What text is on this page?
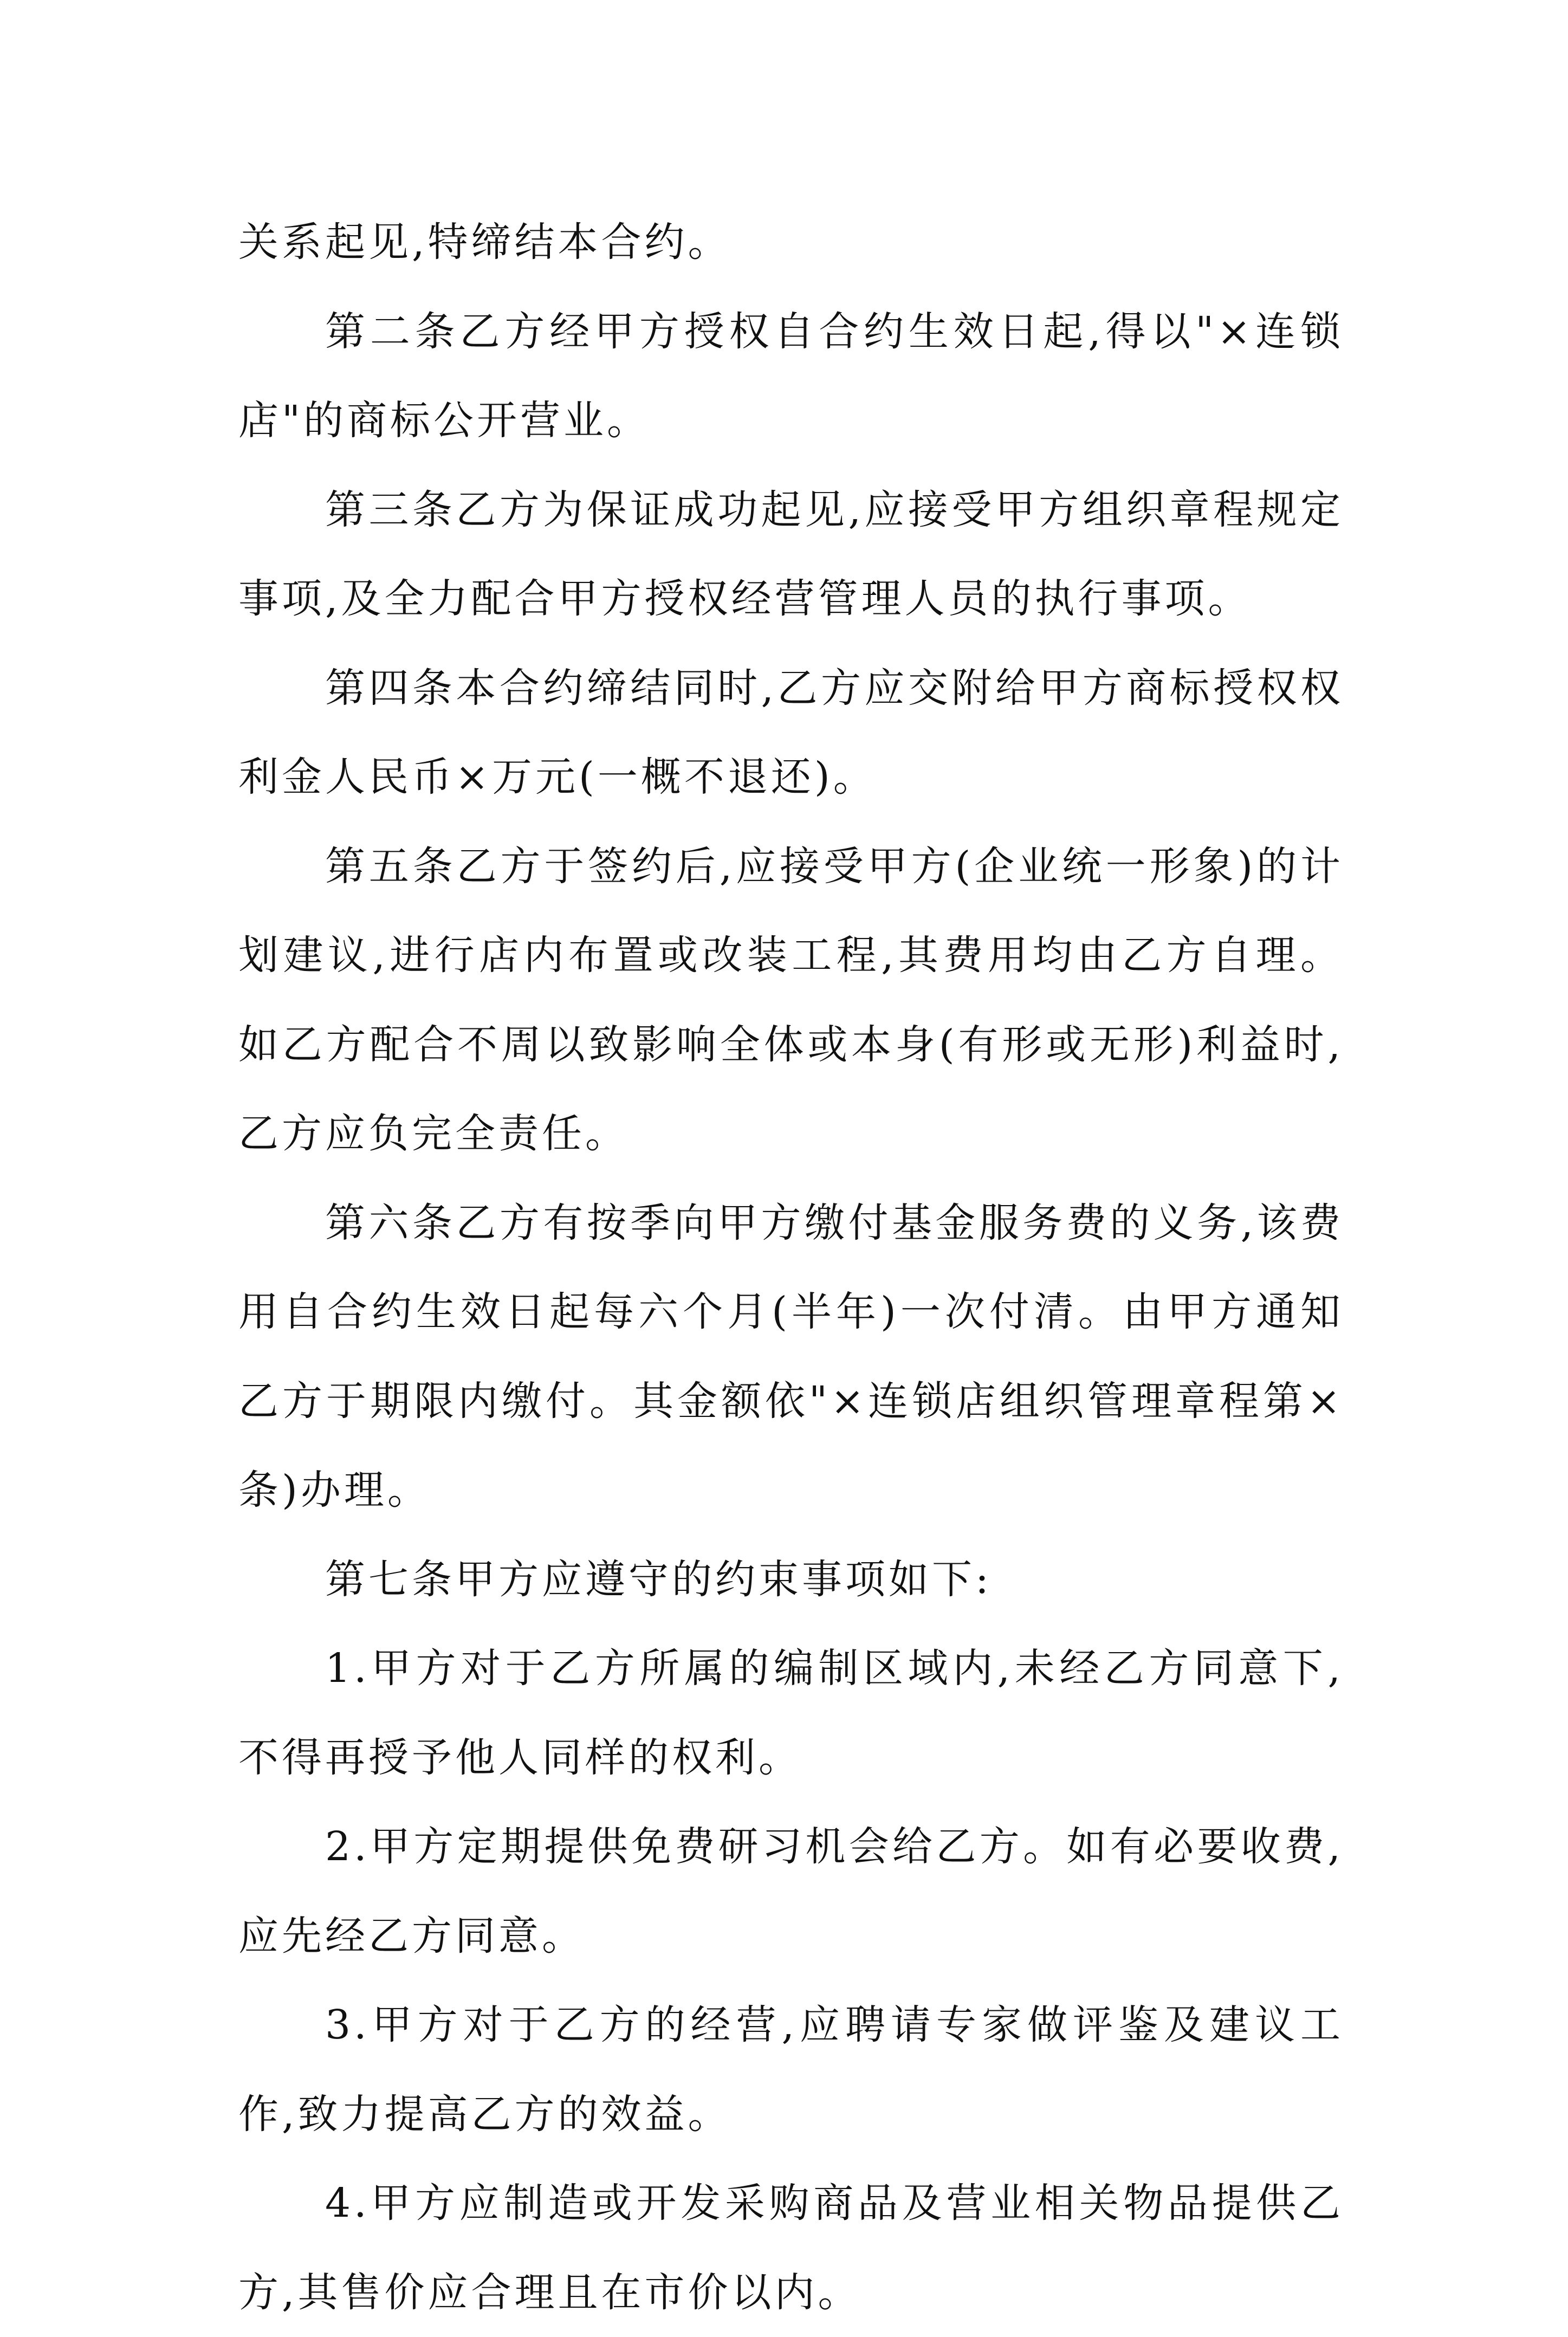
关系起见,特缔结本合约。

第二条乙方经甲方授权自合约生效日起,得以"×连锁店"的商标公开营业。

第三条乙方为保证成功起见,应接受甲方组织章程规定事项,及全力配合甲方授权经营管理人员的执行事项。

第四条本合约缔结同时,乙方应交附给甲方商标授权权利金人民币×万元(一概不退还)。

第五条乙方于签约后,应接受甲方(企业统一形象)的计划建议,进行店内布置或改装工程,其费用均由乙方自理。如乙方配合不周以致影响全体或本身(有形或无形)利益时,乙方应负完全责任。

第六条乙方有按季向甲方缴付基金服务费的义务,该费用自合约生效日起每六个月(半年)一次付清。由甲方通知乙方于期限内缴付。其金额依"×连锁店组织管理章程第×条)办理。

第七条甲方应遵守的约束事项如下:

1.甲方对于乙方所属的编制区域内,未经乙方同意下,不得再授予他人同样的权利。

2.甲方定期提供免费研习机会给乙方。如有必要收费,应先经乙方同意。

3.甲方对于乙方的经营,应聘请专家做评鉴及建议工作,致力提高乙方的效益。

4.甲方应制造或开发采购商品及营业相关物品提供乙方,其售价应合理且在市价以内。
